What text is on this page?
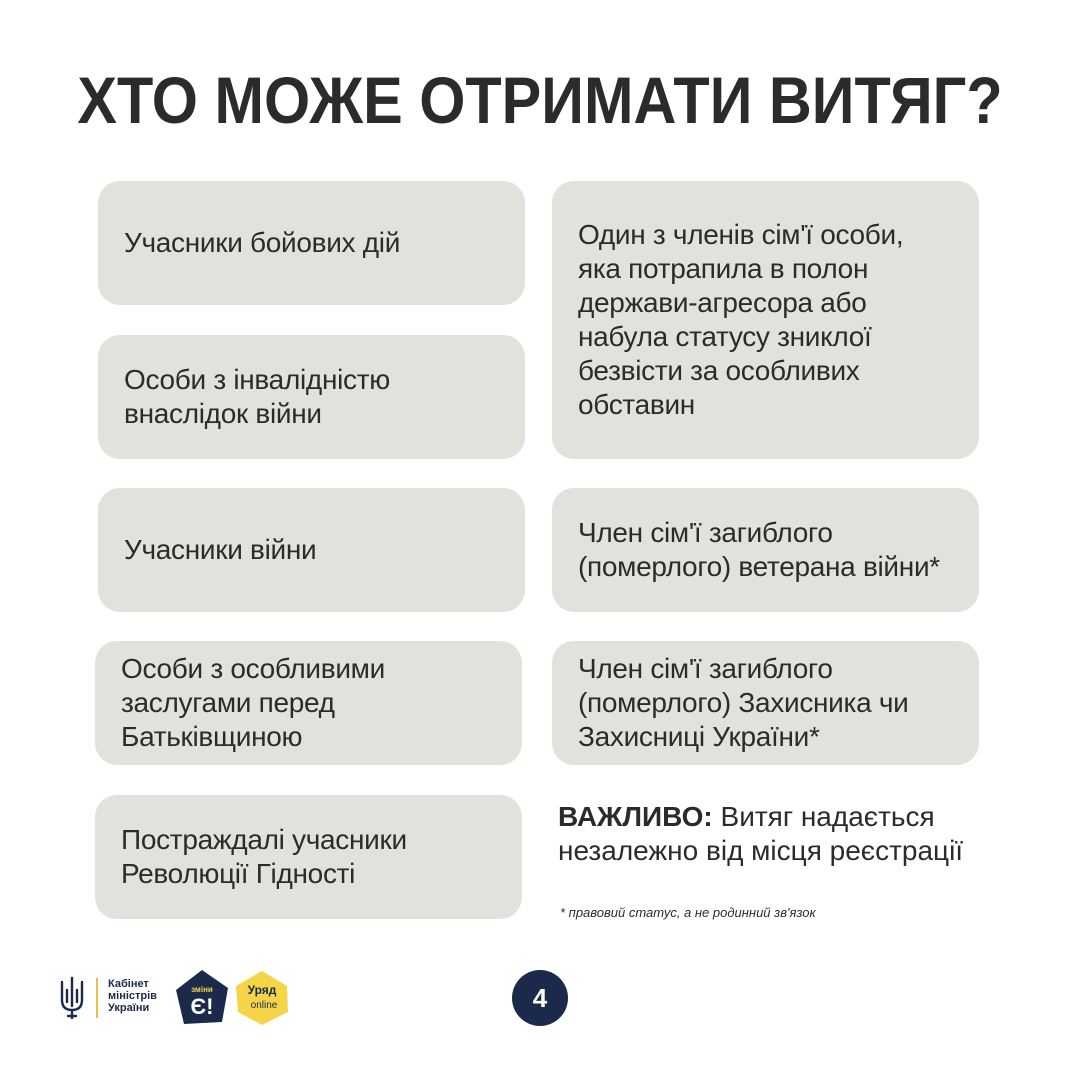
ХТО МОЖЕ ОТРИМАТИ ВИТЯГ?
Учасники бойових дій
Особи з інвалідністю внаслідок війни
Учасники війни
Особи з особливими заслугами перед Батьківщиною
Постраждалі учасники Революції Гідності
Один з членів сім'ї особи, яка потрапила в полон держави-агресора або набула статусу зниклої безвісти за особливих обставин
Член сім'ї загиблого (померлого) ветерана війни*
Член сім'ї загиблого (померлого) Захисника чи Захисниці України*
ВАЖЛИВО: Витяг надається незалежно від місця реєстрації
* правовий статус, а не родинний зв'язок
Кабінет
міністрів
України
зміни
Є!
Уряд
online	4
